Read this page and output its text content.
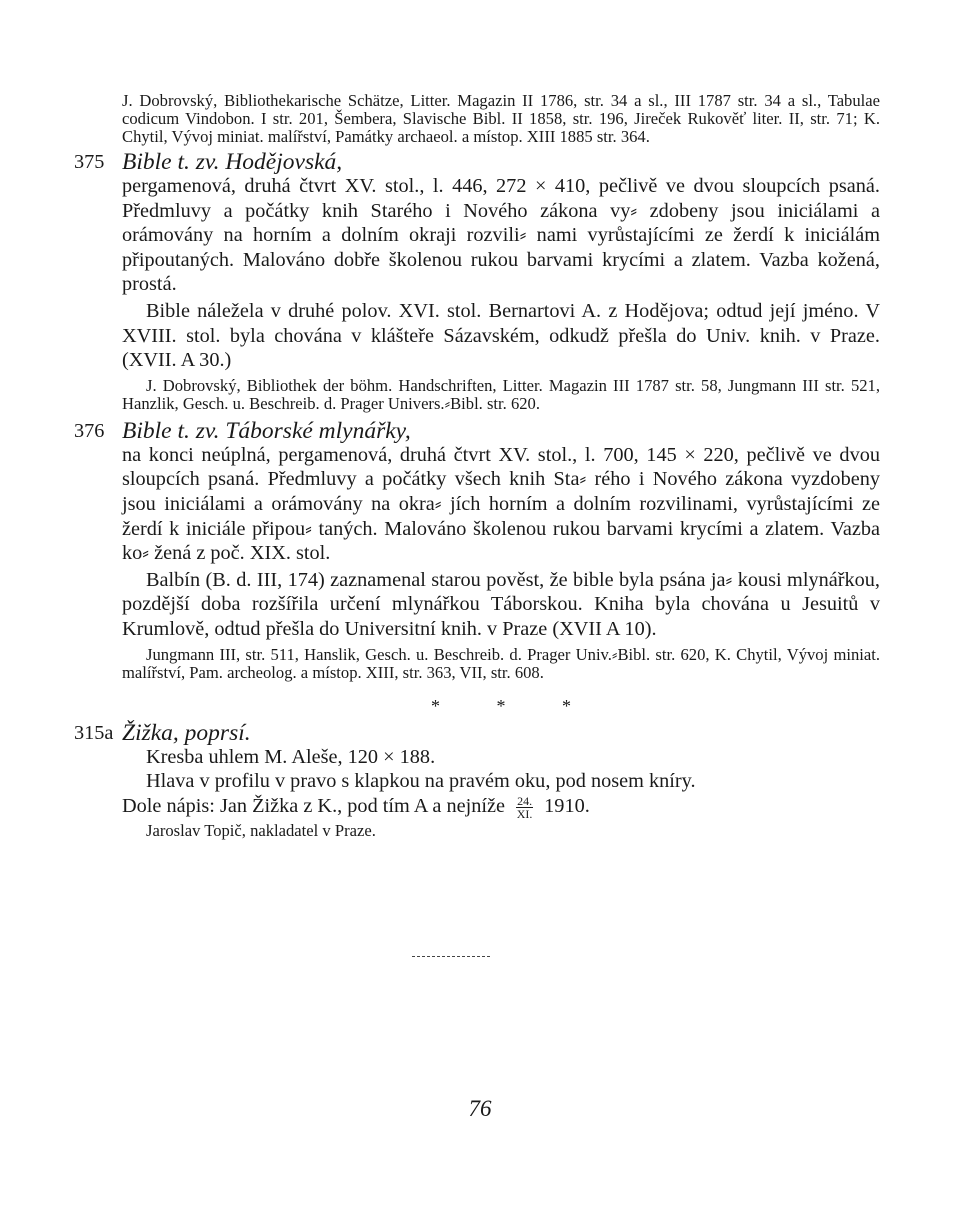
J. Dobrovský, Bibliothekarische Schätze, Litter. Magazin II 1786, str. 34 a sl., III 1787 str. 34 a sl., Tabulae codicum Vindobon. I str. 201, Šembera, Slavische Bibl. II 1858, str. 196, Jireček Rukověť liter. II, str. 71; K. Chytil, Vývoj miniat. malířství, Památky archaeol. a místop. XIII 1885 str. 364.

375 Bible t. zv. Hodějovská,

pergamenová, druhá čtvrt XV. stol., l. 446, 272 × 410, pečlivě ve dvou sloupcích psaná. Předmluvy a počátky knih Starého i Nového zákona vy⸗ zdobeny jsou iniciálami a orámovány na horním a dolním okraji rozvili⸗ nami vyrůstajícími ze žerdí k iniciálám připoutaných. Malováno dobře školenou rukou barvami krycími a zlatem. Vazba kožená, prostá.

Bible náležela v druhé polov. XVI. stol. Bernartovi A. z Hodějova; odtud její jméno. V XVIII. stol. byla chována v klášteře Sázavském, odkudž přešla do Univ. knih. v Praze. (XVII. A 30.)

J. Dobrovský, Bibliothek der böhm. Handschriften, Litter. Magazin III 1787 str. 58, Jungmann III str. 521, Hanzlik, Gesch. u. Beschreib. d. Prager Univers.⸗Bibl. str. 620.

376 Bible t. zv. Táborské mlynářky,

na konci neúplná, pergamenová, druhá čtvrt XV. stol., l. 700, 145 × 220, pečlivě ve dvou sloupcích psaná. Předmluvy a počátky všech knih Sta⸗ rého i Nového zákona vyzdobeny jsou iniciálami a orámovány na okra⸗ jích horním a dolním rozvilinami, vyrůstajícími ze žerdí k iniciále připou⸗ taných. Malováno školenou rukou barvami krycími a zlatem. Vazba ko⸗ žená z poč. XIX. stol.

Balbín (B. d. III, 174) zaznamenal starou pověst, že bible byla psána ja⸗ kousi mlynářkou, pozdější doba rozšířila určení mlynářkou Táborskou. Kniha byla chována u Jesuitů v Krumlově, odtud přešla do Universitní knih. v Praze (XVII A 10).

Jungmann III, str. 511, Hanslik, Gesch. u. Beschreib. d. Prager Univ.⸗Bibl. str. 620, K. Chytil, Vývoj miniat. malířství, Pam. archeolog. a místop. XIII, str. 363, VII, str. 608.

* * *
315a Žižka, poprsí.

Kresba uhlem M. Aleše, 120 × 188.

Hlava v profilu v pravo s klapkou na pravém oku, pod nosem kníry.

Dole nápis: Jan Žižka z K., pod tím A a nejníže $\frac{24.}{XI.} 1910$.

Jaroslav Topič, nakladatel v Praze.

76
